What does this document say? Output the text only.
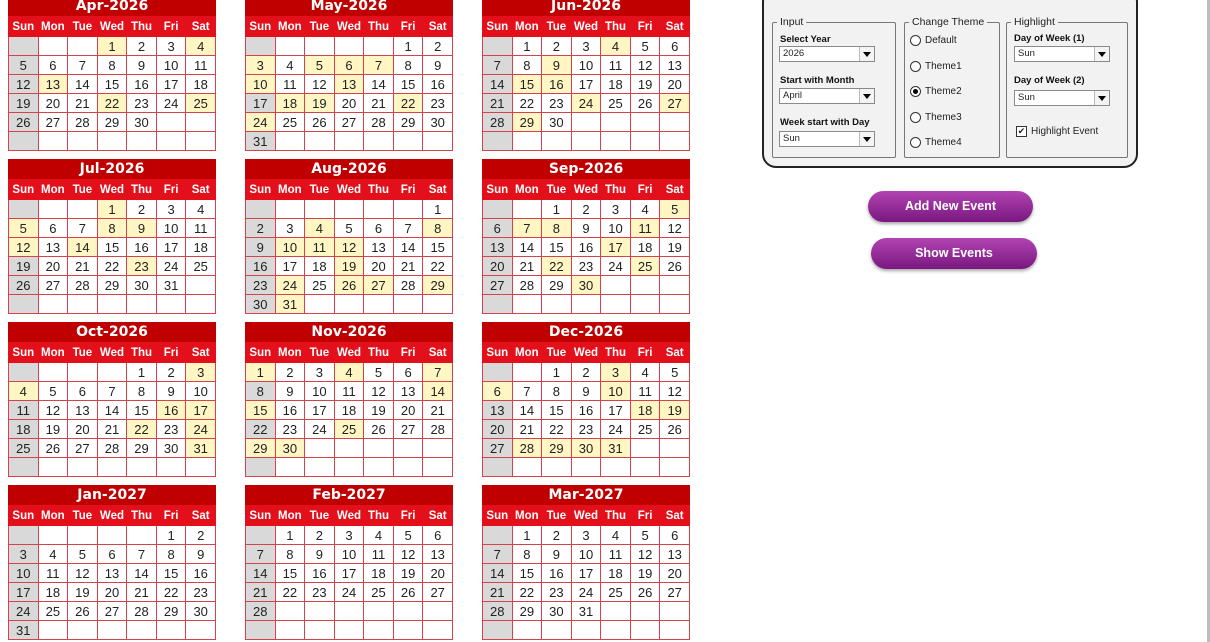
Apr-2026
Sun	Mon	Tue	Wed	Thu	Fri	Sat
			1	2	3	4
5	6	7	8	9	10	11
12	13	14	15	16	17	18
19	20	21	22	23	24	25
26	27	28	29	30		

May-2026
Sun	Mon	Tue	Wed	Thu	Fri	Sat
					1	2
3	4	5	6	7	8	9
10	11	12	13	14	15	16
17	18	19	20	21	22	23
24	25	26	27	28	29	30
31						
Jun-2026
Sun	Mon	Tue	Wed	Thu	Fri	Sat
	1	2	3	4	5	6
7	8	9	10	11	12	13
14	15	16	17	18	19	20
21	22	23	24	25	26	27
28	29	30				

Jul-2026
Sun	Mon	Tue	Wed	Thu	Fri	Sat
			1	2	3	4
5	6	7	8	9	10	11
12	13	14	15	16	17	18
19	20	21	22	23	24	25
26	27	28	29	30	31	

Aug-2026
Sun	Mon	Tue	Wed	Thu	Fri	Sat
						1
2	3	4	5	6	7	8
9	10	11	12	13	14	15
16	17	18	19	20	21	22
23	24	25	26	27	28	29
30	31					
Sep-2026
Sun	Mon	Tue	Wed	Thu	Fri	Sat
		1	2	3	4	5
6	7	8	9	10	11	12
13	14	15	16	17	18	19
20	21	22	23	24	25	26
27	28	29	30			

Oct-2026
Sun	Mon	Tue	Wed	Thu	Fri	Sat
				1	2	3
4	5	6	7	8	9	10
11	12	13	14	15	16	17
18	19	20	21	22	23	24
25	26	27	28	29	30	31

Nov-2026
Sun	Mon	Tue	Wed	Thu	Fri	Sat
1	2	3	4	5	6	7
8	9	10	11	12	13	14
15	16	17	18	19	20	21
22	23	24	25	26	27	28
29	30					

Dec-2026
Sun	Mon	Tue	Wed	Thu	Fri	Sat
		1	2	3	4	5
6	7	8	9	10	11	12
13	14	15	16	17	18	19
20	21	22	23	24	25	26
27	28	29	30	31		

Jan-2027
Sun	Mon	Tue	Wed	Thu	Fri	Sat
					1	2
3	4	5	6	7	8	9
10	11	12	13	14	15	16
17	18	19	20	21	22	23
24	25	26	27	28	29	30
31						
Feb-2027
Sun	Mon	Tue	Wed	Thu	Fri	Sat
	1	2	3	4	5	6
7	8	9	10	11	12	13
14	15	16	17	18	19	20
21	22	23	24	25	26	27
28						

Mar-2027
Sun	Mon	Tue	Wed	Thu	Fri	Sat
	1	2	3	4	5	6
7	8	9	10	11	12	13
14	15	16	17	18	19	20
21	22	23	24	25	26	27
28	29	30	31			

Input
Select Year
2026
Start with Month
April
Week start with Day
Sun
Change Theme
Default
Theme1
Theme2
Theme3
Theme4
Highlight
Day of Week (1)
Sun
Day of Week (2)
Sun
✔ Highlight Event
Add New Event
Show Events
